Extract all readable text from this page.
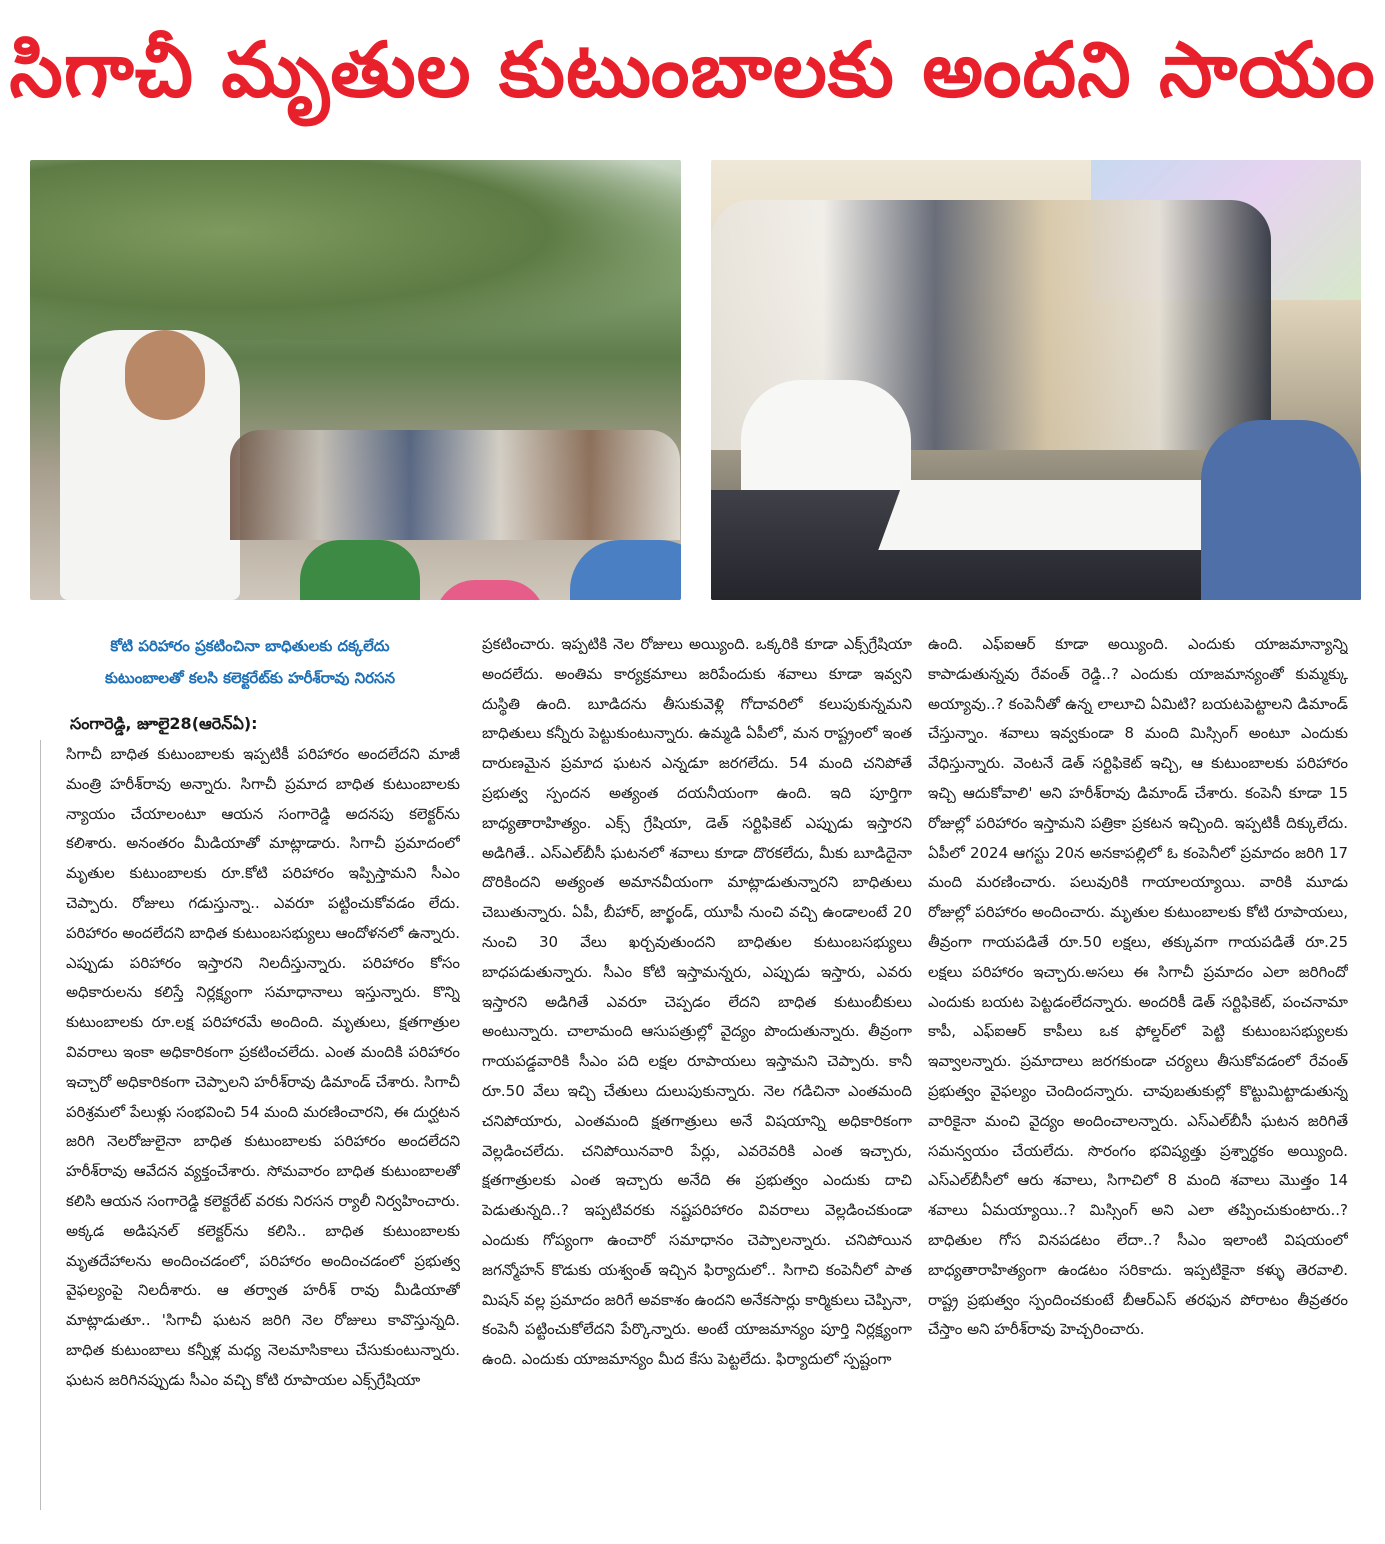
సిగాచీ మృతుల కుటుంబాలకు అందని సాయం
కోటి పరిహారం ప్రకటించినా బాధితులకు దక్కలేదు
కుటుంబాలతో కలసి కలెక్టరేట్‌కు హరీశ్‌రావు నిరసన
సంగారెడ్డి, జూలై28(ఆరెన్ఏ):
సిగాచీ బాధిత కుటుంబాలకు ఇప్పటికీ పరిహారం అందలేదని మాజీ మంత్రి హరీశ్‌రావు అన్నారు. సిగాచీ ప్రమాద బాధిత కుటుంబాలకు న్యాయం చేయాలంటూ ఆయన సంగారెడ్డి అదనపు కలెక్టర్‌ను కలిశారు. అనంతరం మీడియాతో మాట్లాడారు. సిగాచీ ప్రమాదంలో మృతుల కుటుంబాలకు రూ.కోటి పరిహారం ఇప్పిస్తామని సీఎం చెప్పారు. రోజులు గడుస్తున్నా.. ఎవరూ పట్టించుకోవడం లేదు. పరిహారం అందలేదని బాధిత కుటుంబసభ్యులు ఆందోళనలో ఉన్నారు. ఎప్పుడు పరిహారం ఇస్తారని నిలదీస్తున్నారు. పరిహారం కోసం అధికారులను కలిస్తే నిర్లక్ష్యంగా సమాధానాలు ఇస్తున్నారు. కొన్ని కుటుంబాలకు రూ.లక్ష పరిహారమే అందింది. మృతులు, క్షతగాత్రుల వివరాలు ఇంకా అధికారికంగా ప్రకటించలేదు. ఎంత మందికి పరిహారం ఇచ్చారో అధికారికంగా చెప్పాలని హరీశ్‌రావు డిమాండ్ చేశారు. సిగాచీ పరిశ్రమలో పేలుళ్లు సంభవించి 54 మంది మరణించారని, ఈ దుర్ఘటన జరిగి నెలరోజులైనా బాధిత కుటుంబాలకు పరిహారం అందలేదని హరీశ్‌రావు ఆవేదన వ్యక్తంచేశారు. సోమవారం బాధిత కుటుంబాలతో కలిసి ఆయన సంగారెడ్డి కలెక్టరేట్ వరకు నిరసన ర్యాలీ నిర్వహించారు. అక్కడ అడిషనల్ కలెక్టర్‌ను కలిసి.. బాధిత కుటుంబాలకు మృతదేహాలను అందించడంలో, పరిహారం అందించడంలో ప్రభుత్వ వైఫల్యంపై నిలదీశారు. ఆ తర్వాత హరీశ్ రావు మీడియాతో మాట్లాడుతూ.. 'సిగాచీ ఘటన జరిగి నెల రోజులు కావొస్తున్నది. బాధిత కుటుంబాలు కన్నీళ్ల మధ్య నెలమాసికాలు చేసుకుంటున్నారు. ఘటన జరిగినప్పుడు సీఎం వచ్చి కోటి రూపాయల ఎక్స్‌గ్రేషియా
ప్రకటించారు. ఇప్పటికి నెల రోజులు అయ్యింది. ఒక్కరికి కూడా ఎక్స్‌గ్రేషియా అందలేదు. అంతిమ కార్యక్రమాలు జరిపేందుకు శవాలు కూడా ఇవ్వని దుస్థితి ఉంది. బూడిదను తీసుకువెళ్లి గోదావరిలో కలుపుకున్నమని బాధితులు కన్నీరు పెట్టుకుంటున్నారు. ఉమ్మడి ఏపీలో, మన రాష్ట్రంలో ఇంత దారుణమైన ప్రమాద ఘటన ఎన్నడూ జరగలేదు. 54 మంది చనిపోతే ప్రభుత్వ స్పందన అత్యంత దయనీయంగా ఉంది. ఇది పూర్తిగా బాధ్యతారాహిత్యం. ఎక్స్ గ్రేషియా, డెత్ సర్టిఫికెట్ ఎప్పుడు ఇస్తారని అడిగితే.. ఎస్ఎల్‌బీసీ ఘటనలో శవాలు కూడా దొరకలేదు, మీకు బూడిదైనా దొరికిందని అత్యంత అమానవీయంగా మాట్లాడుతున్నారని బాధితులు చెబుతున్నారు. ఏపీ, బీహార్, జార్ఖండ్, యూపీ నుంచి వచ్చి ఉండాలంటే 20 నుంచి 30 వేలు ఖర్చవుతుందని బాధితుల కుటుంబసభ్యులు బాధపడుతున్నారు. సీఎం కోటి ఇస్తామన్నరు, ఎప్పుడు ఇస్తారు, ఎవరు ఇస్తారని అడిగితే ఎవరూ చెప్పడం లేదని బాధిత కుటుంబీకులు అంటున్నారు. చాలామంది ఆసుపత్రుల్లో వైద్యం పొందుతున్నారు. తీవ్రంగా గాయపడ్డవారికి సీఎం పది లక్షల రూపాయలు ఇస్తామని చెప్పారు. కానీ రూ.50 వేలు ఇచ్చి చేతులు దులుపుకున్నారు. నెల గడిచినా ఎంతమంది చనిపోయారు, ఎంతమంది క్షతగాత్రులు అనే విషయాన్ని అధికారికంగా వెల్లడించలేదు. చనిపోయినవారి పేర్లు, ఎవరెవరికి ఎంత ఇచ్చారు, క్షతగాత్రులకు ఎంత ఇచ్చారు అనేది ఈ ప్రభుత్వం ఎందుకు దాచి పెడుతున్నది..? ఇప్పటివరకు నష్టపరిహారం వివరాలు వెల్లడించకుండా ఎందుకు గోప్యంగా ఉంచారో సమాధానం చెప్పాలన్నారు. చనిపోయిన జగన్మోహన్ కొడుకు యశ్వంత్ ఇచ్చిన ఫిర్యాదులో.. సిగాచి కంపెనీలో పాత మిషన్ వల్ల ప్రమాదం జరిగే అవకాశం ఉందని అనేకసార్లు కార్మికులు చెప్పినా, కంపెనీ పట్టించుకోలేదని పేర్కొన్నారు. అంటే యాజమాన్యం పూర్తి నిర్లక్ష్యంగా ఉంది. ఎందుకు యాజమాన్యం మీద కేసు పెట్టలేదు. ఫిర్యాదులో స్పష్టంగా
ఉంది. ఎఫ్ఐఆర్ కూడా అయ్యింది. ఎందుకు యాజమాన్యాన్ని కాపాడుతున్నవు రేవంత్ రెడ్డి..? ఎందుకు యాజమాన్యంతో కుమ్మక్కు అయ్యావు..? కంపెనీతో ఉన్న లాలూచి ఏమిటి? బయటపెట్టాలని డిమాండ్ చేస్తున్నాం. శవాలు ఇవ్వకుండా 8 మంది మిస్సింగ్ అంటూ ఎందుకు వేధిస్తున్నారు. వెంటనే డెత్ సర్టిఫికెట్ ఇచ్చి, ఆ కుటుంబాలకు పరిహారం ఇచ్చి ఆదుకోవాలి' అని హరీశ్‌రావు డిమాండ్ చేశారు. కంపెనీ కూడా 15 రోజుల్లో పరిహారం ఇస్తామని పత్రికా ప్రకటన ఇచ్చింది. ఇప్పటికీ దిక్కులేదు. ఏపీలో 2024 ఆగస్టు 20న అనకాపల్లిలో ఓ కంపెనీలో ప్రమాదం జరిగి 17 మంది మరణించారు. పలువురికి గాయాలయ్యాయి. వారికి మూడు రోజుల్లో పరిహారం అందించారు. మృతుల కుటుంబాలకు కోటి రూపాయలు, తీవ్రంగా గాయపడితే రూ.50 లక్షలు, తక్కువగా గాయపడితే రూ.25 లక్షలు పరిహారం ఇచ్చారు.అసలు ఈ సిగాచీ ప్రమాదం ఎలా జరిగిందో ఎందుకు బయట పెట్టడంలేదన్నారు. అందరికీ డెత్ సర్టిఫికెట్, పంచనామా కాపీ, ఎఫ్ఐఆర్ కాపీలు ఒక ఫోల్డర్‌లో పెట్టి కుటుంబసభ్యులకు ఇవ్వాలన్నారు. ప్రమాదాలు జరగకుండా చర్యలు తీసుకోవడంలో రేవంత్ ప్రభుత్వం వైఫల్యం చెందిందన్నారు. చావుబతుకుల్లో కొట్టుమిట్టాడుతున్న వారికైనా మంచి వైద్యం అందించాలన్నారు. ఎస్ఎల్‌బీసీ ఘటన జరిగితే సమన్వయం చేయలేదు. సొరంగం భవిష్యత్తు ప్రశ్నార్థకం అయ్యింది. ఎస్ఎల్‌బీసీలో ఆరు శవాలు, సిగాచిలో 8 మంది శవాలు మొత్తం 14 శవాలు ఏమయ్యాయి..? మిస్సింగ్ అని ఎలా తప్పించుకుంటారు..? బాధితుల గోస వినపడటం లేదా..? సీఎం ఇలాంటి విషయంలో బాధ్యతారాహిత్యంగా ఉండటం సరికాదు. ఇప్పటికైనా కళ్ళు తెరవాలి. రాష్ట్ర ప్రభుత్వం స్పందించకుంటే బీఆర్ఎస్ తరఫున పోరాటం తీవ్రతరం చేస్తాం అని హరీశ్‌రావు హెచ్చరించారు.
